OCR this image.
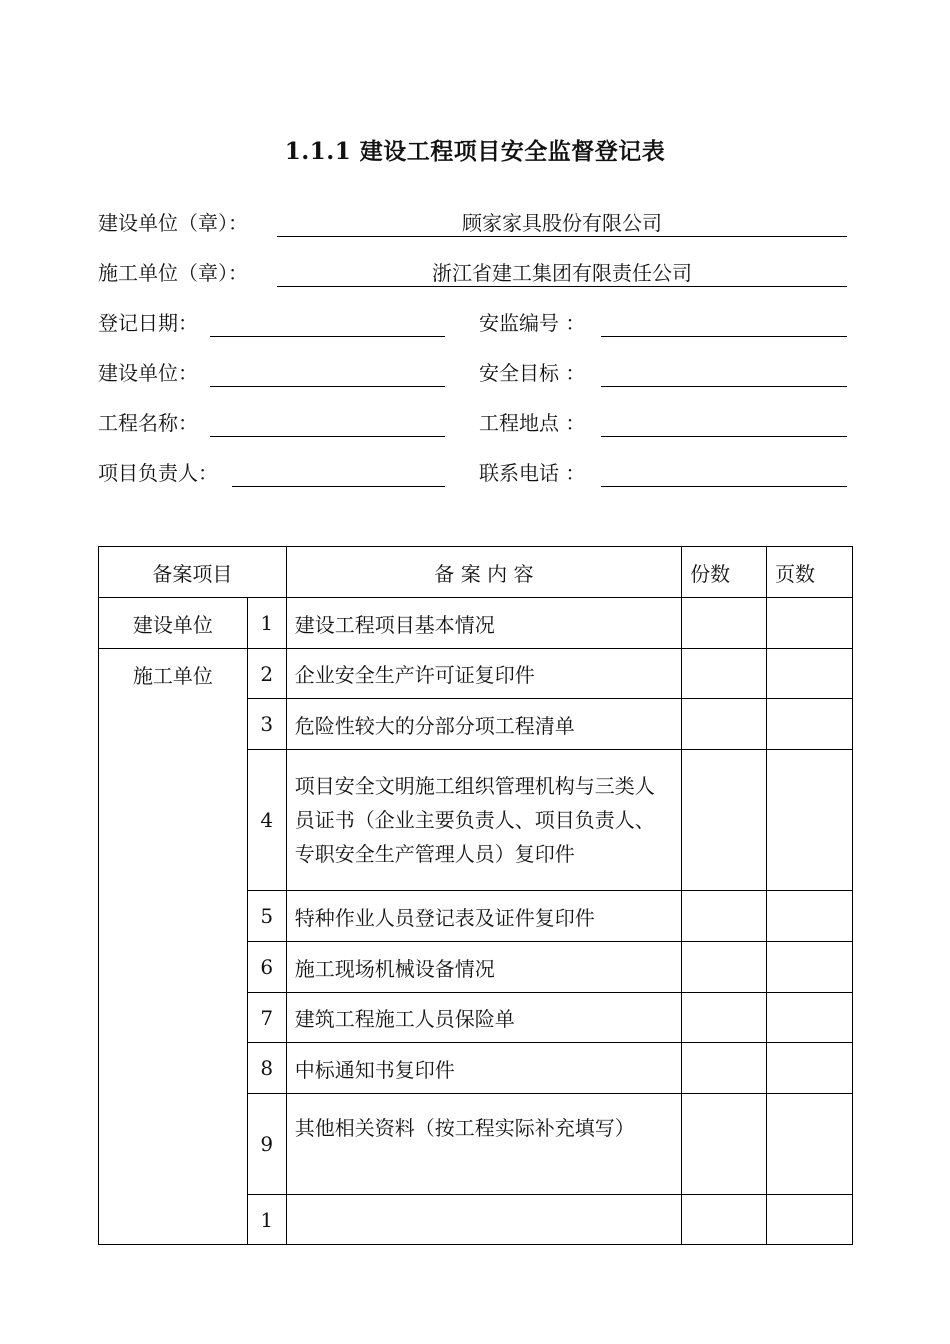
1.1.1 建设工程项目安全监督登记表
建设单位（章）：	顾家家具股份有限公司
施工单位（章）：	浙江省建工集团有限责任公司
登记日期：	安监编号 ：
建设单位：	安全目标 ：
工程名称：	工程地点 ：
项目负责人：	联系电话 ：
备案项目		备 案 内 容	份数	页数
建设单位	1	建设工程项目基本情况		
施工单位	2	企业安全生产许可证复印件		
	3	危险性较大的分部分项工程清单		
	4	项目安全文明施工组织管理机构与三类人员证书（企业主要负责人、项目负责人、专职安全生产管理人员）复印件		
	5	特种作业人员登记表及证件复印件		
	6	施工现场机械设备情况		
	7	建筑工程施工人员保险单		
	8	中标通知书复印件		
	9	其他相关资料（按工程实际补充填写）		
	1			
